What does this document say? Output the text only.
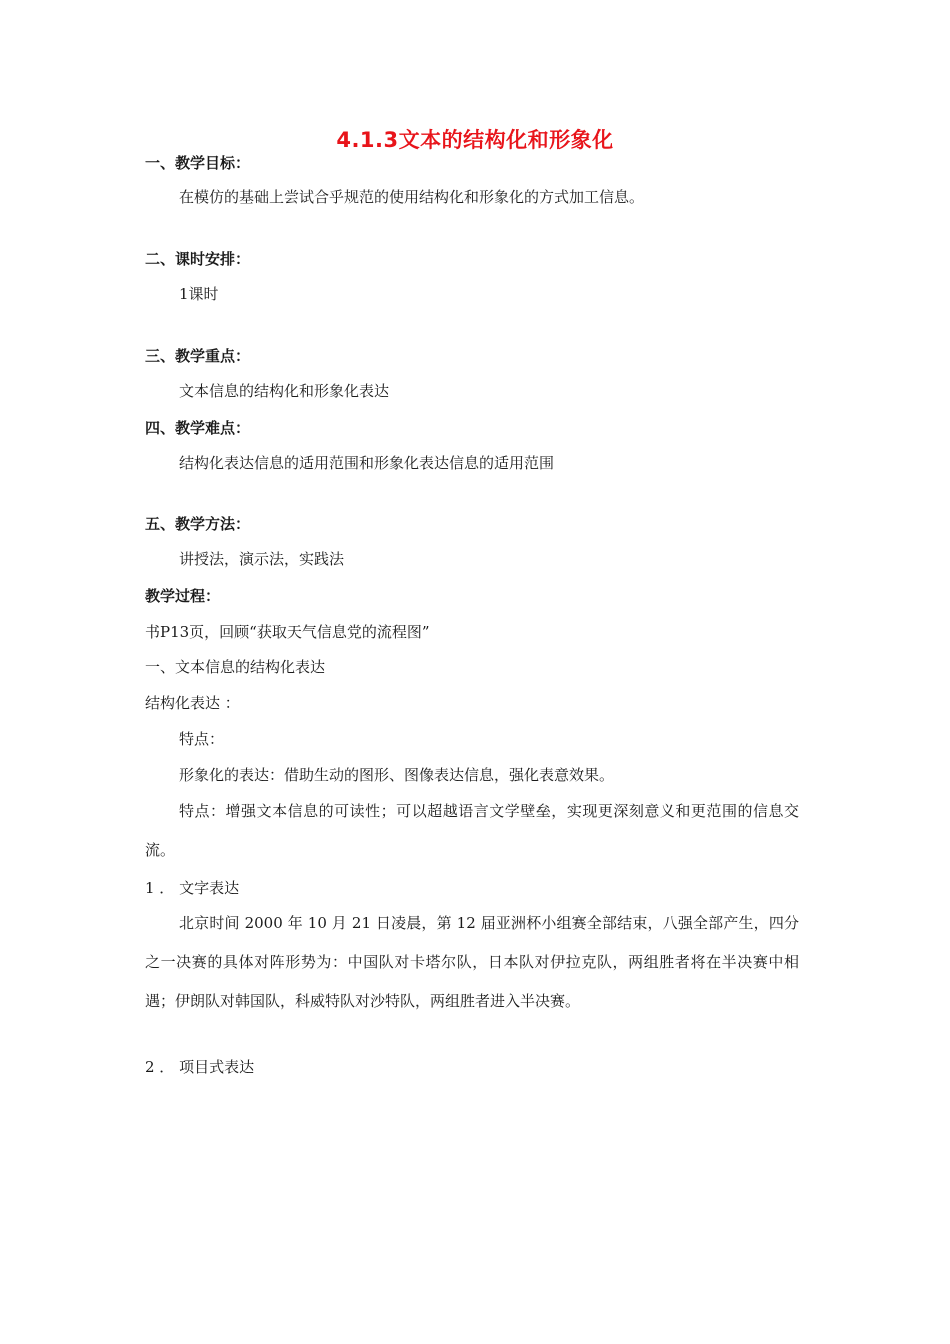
4.1.3文本的结构化和形象化
一、教学目标：
在模仿的基础上尝试合乎规范的使用结构化和形象化的方式加工信息。
二、课时安排：
1课时
三、教学重点：
文本信息的结构化和形象化表达
四、教学难点：
结构化表达信息的适用范围和形象化表达信息的适用范围
五、教学方法：
讲授法，演示法，实践法
教学过程：
书P13页，回顾“获取天气信息党的流程图”
一、文本信息的结构化表达
结构化表达 ：
特点：
形象化的表达：借助生动的图形、图像表达信息，强化表意效果。
特点：增强文本信息的可读性；可以超越语言文学壁垒，实现更深刻意义和更范围的信息交流。
1 ． 文字表达
北京时间 2000 年 10 月 21 日凌晨，第 12 届亚洲杯小组赛全部结束，八强全部产生，四分之一决赛的具体对阵形势为：中国队对卡塔尔队，日本队对伊拉克队，两组胜者将在半决赛中相遇；伊朗队对韩国队，科威特队对沙特队，两组胜者进入半决赛。
2 ． 项目式表达
